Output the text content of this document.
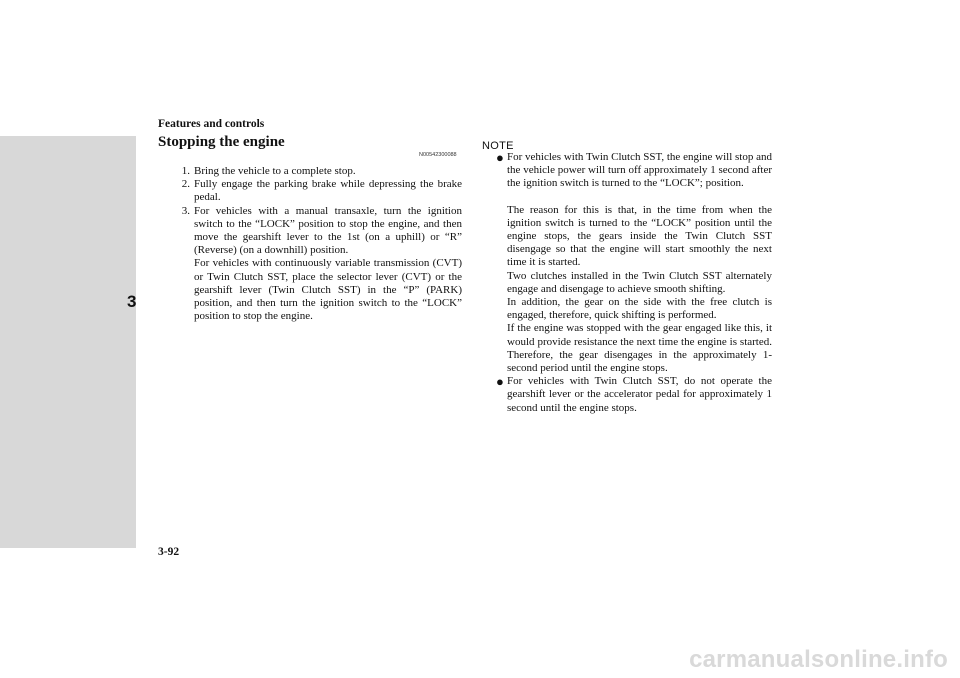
Features and controls
3
Stopping the engine
N00542300088
1. Bring the vehicle to a complete stop.

2. Fully engage the parking brake while depressing the brake pedal.

3. For vehicles with a manual transaxle, turn the ignition switch to the “LOCK” position to stop the engine, and then move the gearshift lever to the 1st (on a uphill) or “R” (Reverse) (on a downhill) position.

For vehicles with continuously variable transmission (CVT) or Twin Clutch SST, place the selector lever (CVT) or the gearshift lever (Twin Clutch SST) in the “P” (PARK) position, and then turn the ignition switch to the “LOCK” position to stop the engine.

NOTE
● For vehicles with Twin Clutch SST, the engine will stop and the vehicle power will turn off approximately 1 second after the ignition switch is turned to the “LOCK”; position.

The reason for this is that, in the time from when the ignition switch is turned to the “LOCK” position until the engine stops, the gears inside the Twin Clutch SST disengage so that the engine will start smoothly the next time it is started.

Two clutches installed in the Twin Clutch SST alternately engage and disengage to achieve smooth shifting.

In addition, the gear on the side with the free clutch is engaged, therefore, quick shifting is performed.

If the engine was stopped with the gear engaged like this, it would provide resistance the next time the engine is started. Therefore, the gear disengages in the approximately 1-second period until the engine stops.

● For vehicles with Twin Clutch SST, do not operate the gearshift lever or the accelerator pedal for approximately 1 second until the engine stops.

3-92
carmanualsonline.info
